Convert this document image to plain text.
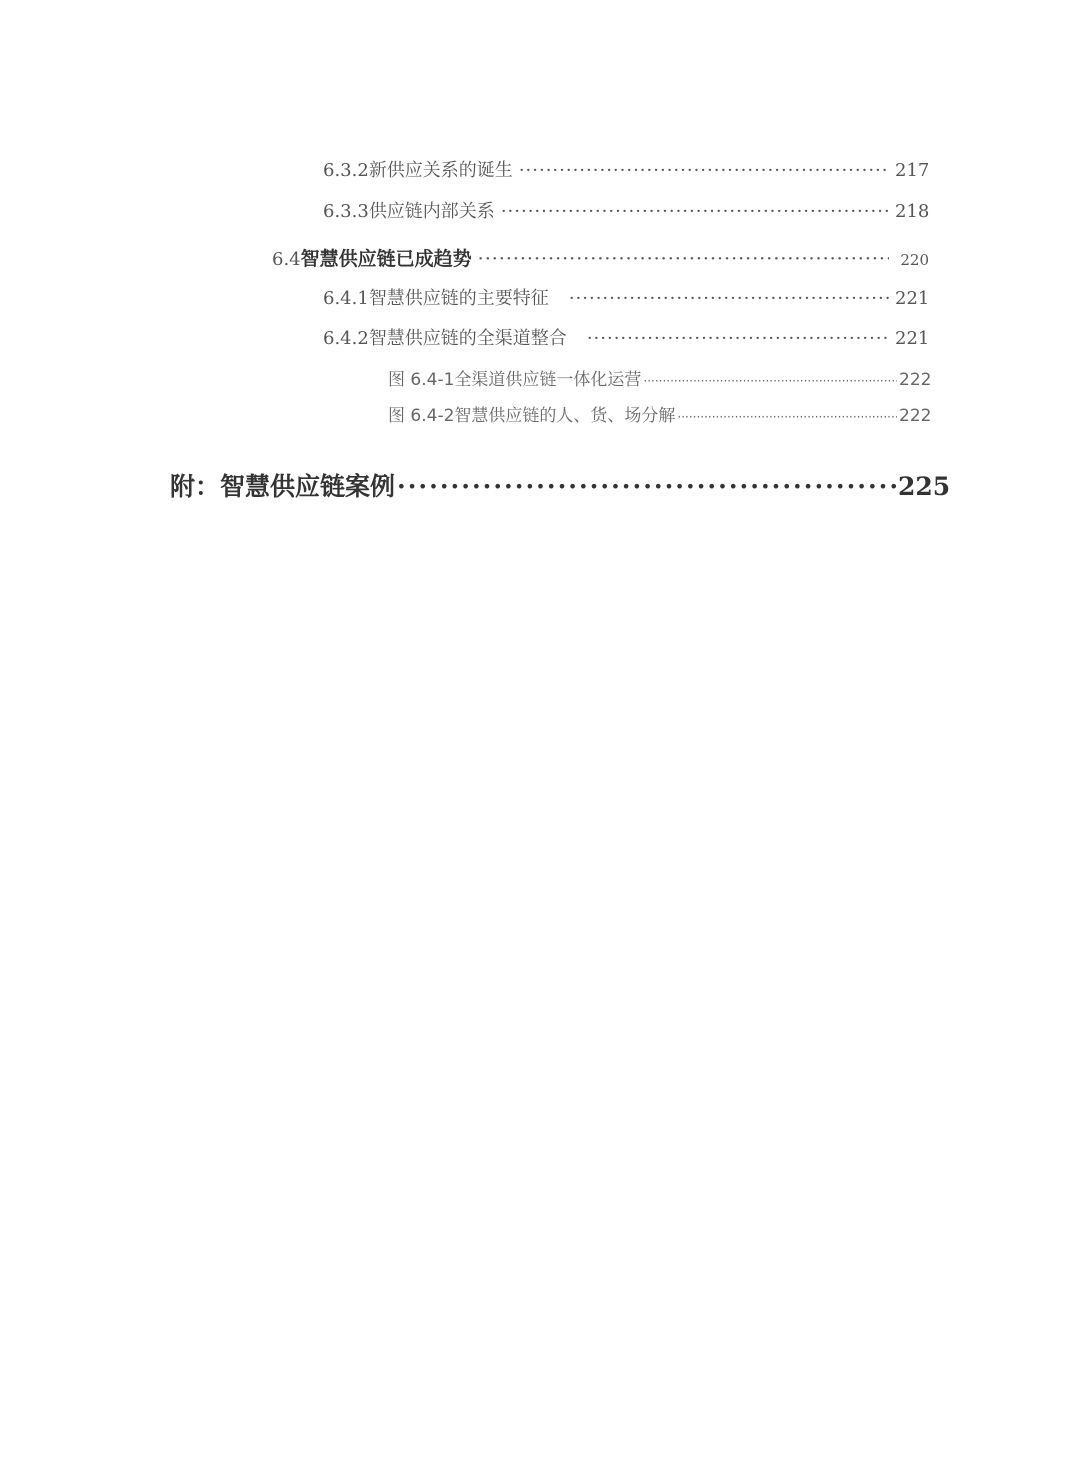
6.3.2 新供应关系的诞生 ·····	217
6.3.3 供应链内部关系 ·····	218
6.4 智慧供应链已成趋势 ·····	220
6.4.1 智慧供应链的主要特征 ·····	221
6.4.2 智慧供应链的全渠道整合 ·····	221
图 6.4-1 全渠道供应链一体化运营 ·····	222
图 6.4-2 智慧供应链的人、货、场分解 ·····	222
附：智慧供应链案例 ·····	225
